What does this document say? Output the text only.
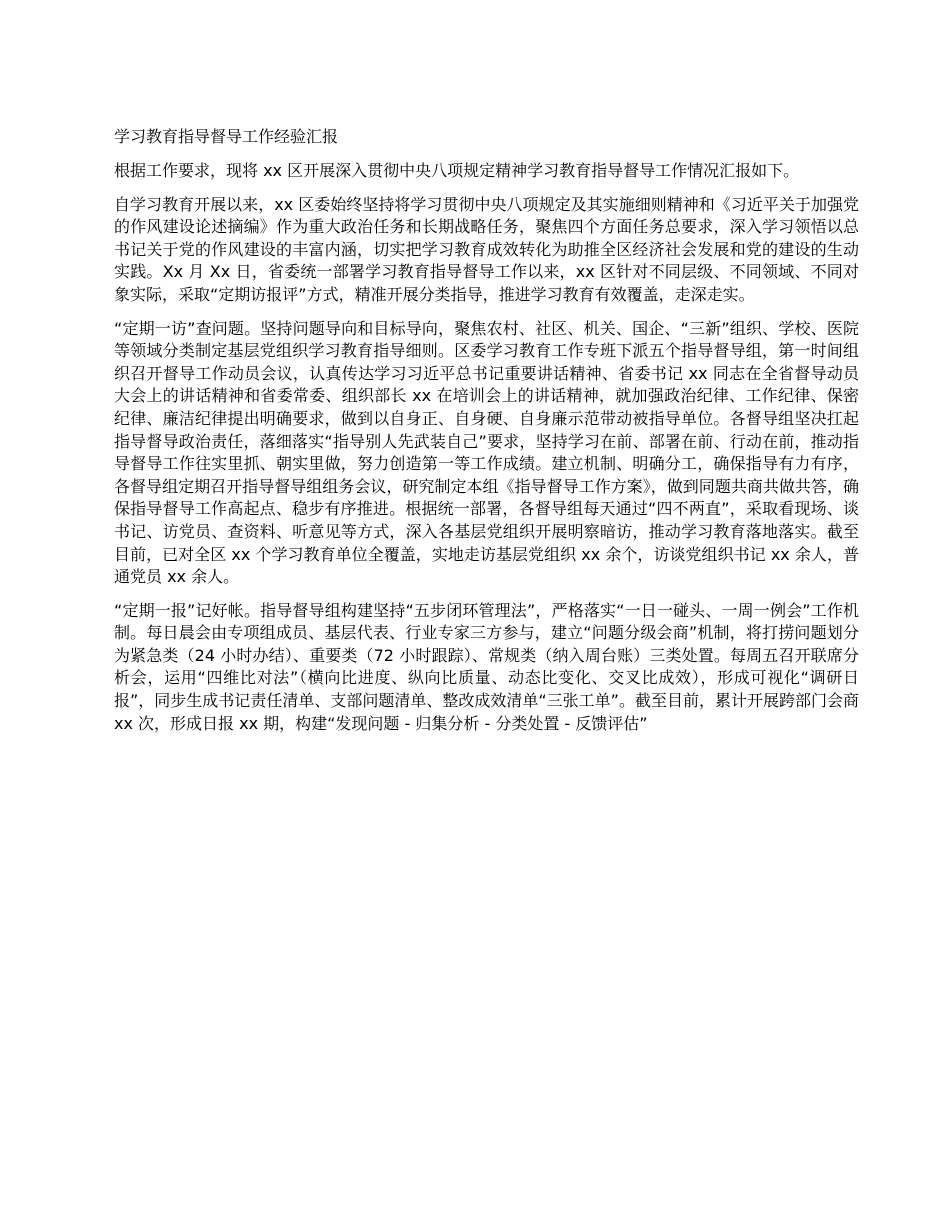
学习教育指导督导工作经验汇报

根据工作要求，现将 xx 区开展深入贯彻中央八项规定精神学习教育指导督导工作情况汇报如下。

自学习教育开展以来，xx 区委始终坚持将学习贯彻中央八项规定及其实施细则精神和《习近平关于加强党的作风建设论述摘编》作为重大政治任务和长期战略任务，聚焦四个方面任务总要求，深入学习领悟以总书记关于党的作风建设的丰富内涵，切实把学习教育成效转化为助推全区经济社会发展和党的建设的生动实践。Xx 月 Xx 日，省委统一部署学习教育指导督导工作以来，xx 区针对不同层级、不同领域、不同对象实际，采取“定期访报评”方式，精准开展分类指导，推进学习教育有效覆盖，走深走实。

“定期一访”查问题。坚持问题导向和目标导向，聚焦农村、社区、机关、国企、“三新”组织、学校、医院等领域分类制定基层党组织学习教育指导细则。区委学习教育工作专班下派五个指导督导组，第一时间组织召开督导工作动员会议，认真传达学习习近平总书记重要讲话精神、省委书记 xx 同志在全省督导动员大会上的讲话精神和省委常委、组织部长 xx 在培训会上的讲话精神，就加强政治纪律、工作纪律、保密纪律、廉洁纪律提出明确要求，做到以自身正、自身硬、自身廉示范带动被指导单位。各督导组坚决扛起指导督导政治责任，落细落实“指导别人先武装自己”要求，坚持学习在前、部署在前、行动在前，推动指导督导工作往实里抓、朝实里做，努力创造第一等工作成绩。建立机制、明确分工，确保指导有力有序，各督导组定期召开指导督导组组务会议，研究制定本组《指导督导工作方案》，做到同题共商共做共答，确保指导督导工作高起点、稳步有序推进。根据统一部署，各督导组每天通过“四不两直”，采取看现场、谈书记、访党员、查资料、听意见等方式，深入各基层党组织开展明察暗访，推动学习教育落地落实。截至目前，已对全区 xx 个学习教育单位全覆盖，实地走访基层党组织 xx 余个，访谈党组织书记 xx 余人，普通党员 xx 余人。

“定期一报”记好帐。指导督导组构建坚持“五步闭环管理法”，严格落实“一日一碰头、一周一例会”工作机制。每日晨会由专项组成员、基层代表、行业专家三方参与，建立“问题分级会商”机制，将打捞问题划分为紧急类（24 小时办结）、重要类（72 小时跟踪）、常规类（纳入周台账）三类处置。每周五召开联席分析会，运用“四维比对法”（横向比进度、纵向比质量、动态比变化、交叉比成效），形成可视化“调研日报”，同步生成书记责任清单、支部问题清单、整改成效清单“三张工单”。截至目前，累计开展跨部门会商 xx 次，形成日报 xx 期，构建“发现问题 - 归集分析 - 分类处置 - 反馈评估”
